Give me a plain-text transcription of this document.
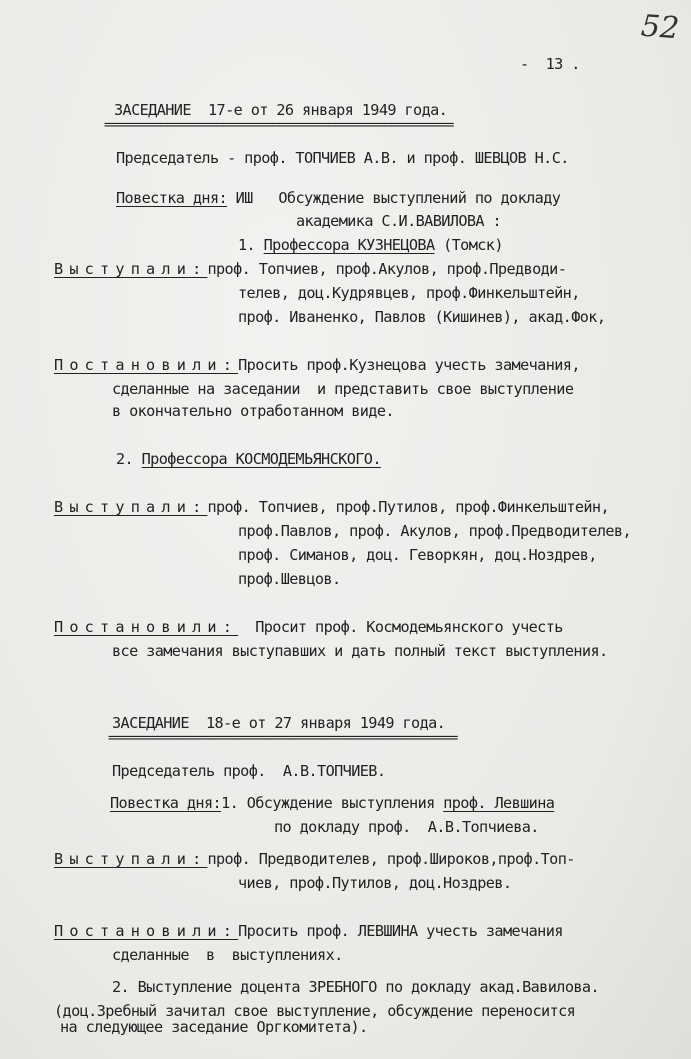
52
-  13 .
ЗАСЕДАНИЕ  17-е от 26 января 1949 года.
========================================================
Председатель - проф. ТОПЧИЕВ А.В. и проф. ШЕВЦОВ Н.С.
Повестка дня: ИШ Обсуждение выступлений по докладу
академика С.И.ВАВИЛОВА :
1. Профессора КУЗНЕЦОВА (Томск)
Выступали:проф. Топчиев, проф.Акулов, проф.Предводи-
телев, доц.Кудрявцев, проф.Финкельштейн,
проф. Иваненко, Павлов (Кишинев), акад.Фок,
Постановили:Просить проф.Кузнецова учесть замечания,
сделанные на заседании  и представить свое выступление
в окончательно отработанном виде.
2. Профессора КОСМОДЕМЬЯНСКОГО.
Выступали:проф. Топчиев, проф.Путилов, проф.Финкельштейн,
проф.Павлов, проф. Акулов, проф.Предводителев,
проф. Симанов, доц. Геворкян, доц.Ноздрев,
проф.Шевцов.
Постановили: Просит проф. Космодемьянского учесть
все замечания выступавших и дать полный текст выступления.
ЗАСЕДАНИЕ  18-е от 27 января 1949 года.
========================================================
Председатель проф.  А.В.ТОПЧИЕВ.
Повестка дня:1. Обсуждение выступления проф. Левшина
по докладу проф.  А.В.Топчиева.
Выступали:проф. Предводителев, проф.Широков,проф.Топ-
чиев, проф.Путилов, доц.Ноздрев.
Постановили:Просить проф. ЛЕВШИНА учесть замечания
сделанные  в  выступлениях.
2. Выступление доцента ЗРЕБНОГО по докладу акад.Вавилова.
(доц.Зребный зачитал свое выступление, обсуждение переносится
на следующее заседание Оргкомитета).
